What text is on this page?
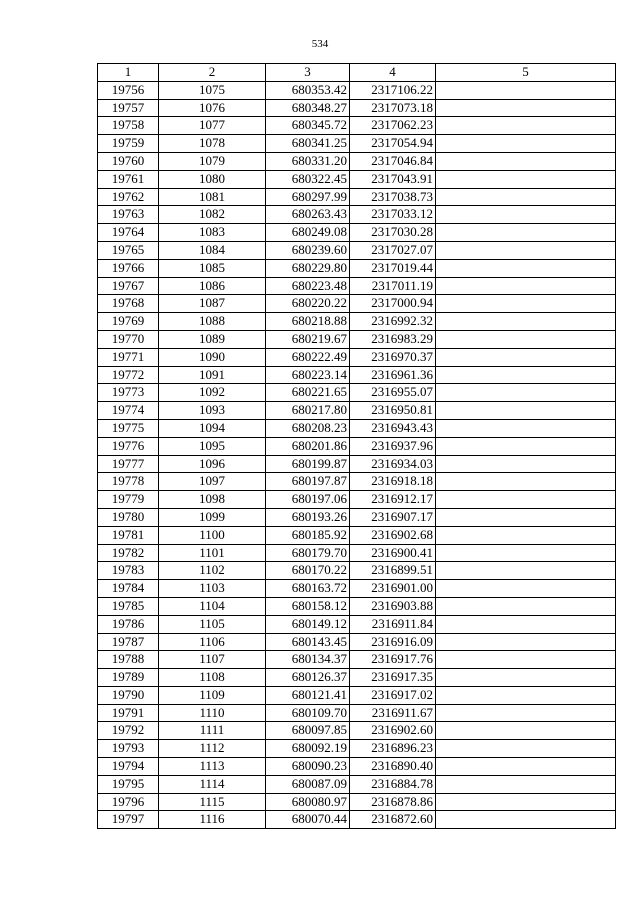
534
1	2	3	4	5
19756	1075	680353.42	2317106.22	
19757	1076	680348.27	2317073.18	
19758	1077	680345.72	2317062.23	
19759	1078	680341.25	2317054.94	
19760	1079	680331.20	2317046.84	
19761	1080	680322.45	2317043.91	
19762	1081	680297.99	2317038.73	
19763	1082	680263.43	2317033.12	
19764	1083	680249.08	2317030.28	
19765	1084	680239.60	2317027.07	
19766	1085	680229.80	2317019.44	
19767	1086	680223.48	2317011.19	
19768	1087	680220.22	2317000.94	
19769	1088	680218.88	2316992.32	
19770	1089	680219.67	2316983.29	
19771	1090	680222.49	2316970.37	
19772	1091	680223.14	2316961.36	
19773	1092	680221.65	2316955.07	
19774	1093	680217.80	2316950.81	
19775	1094	680208.23	2316943.43	
19776	1095	680201.86	2316937.96	
19777	1096	680199.87	2316934.03	
19778	1097	680197.87	2316918.18	
19779	1098	680197.06	2316912.17	
19780	1099	680193.26	2316907.17	
19781	1100	680185.92	2316902.68	
19782	1101	680179.70	2316900.41	
19783	1102	680170.22	2316899.51	
19784	1103	680163.72	2316901.00	
19785	1104	680158.12	2316903.88	
19786	1105	680149.12	2316911.84	
19787	1106	680143.45	2316916.09	
19788	1107	680134.37	2316917.76	
19789	1108	680126.37	2316917.35	
19790	1109	680121.41	2316917.02	
19791	1110	680109.70	2316911.67	
19792	1111	680097.85	2316902.60	
19793	1112	680092.19	2316896.23	
19794	1113	680090.23	2316890.40	
19795	1114	680087.09	2316884.78	
19796	1115	680080.97	2316878.86	
19797	1116	680070.44	2316872.60	
